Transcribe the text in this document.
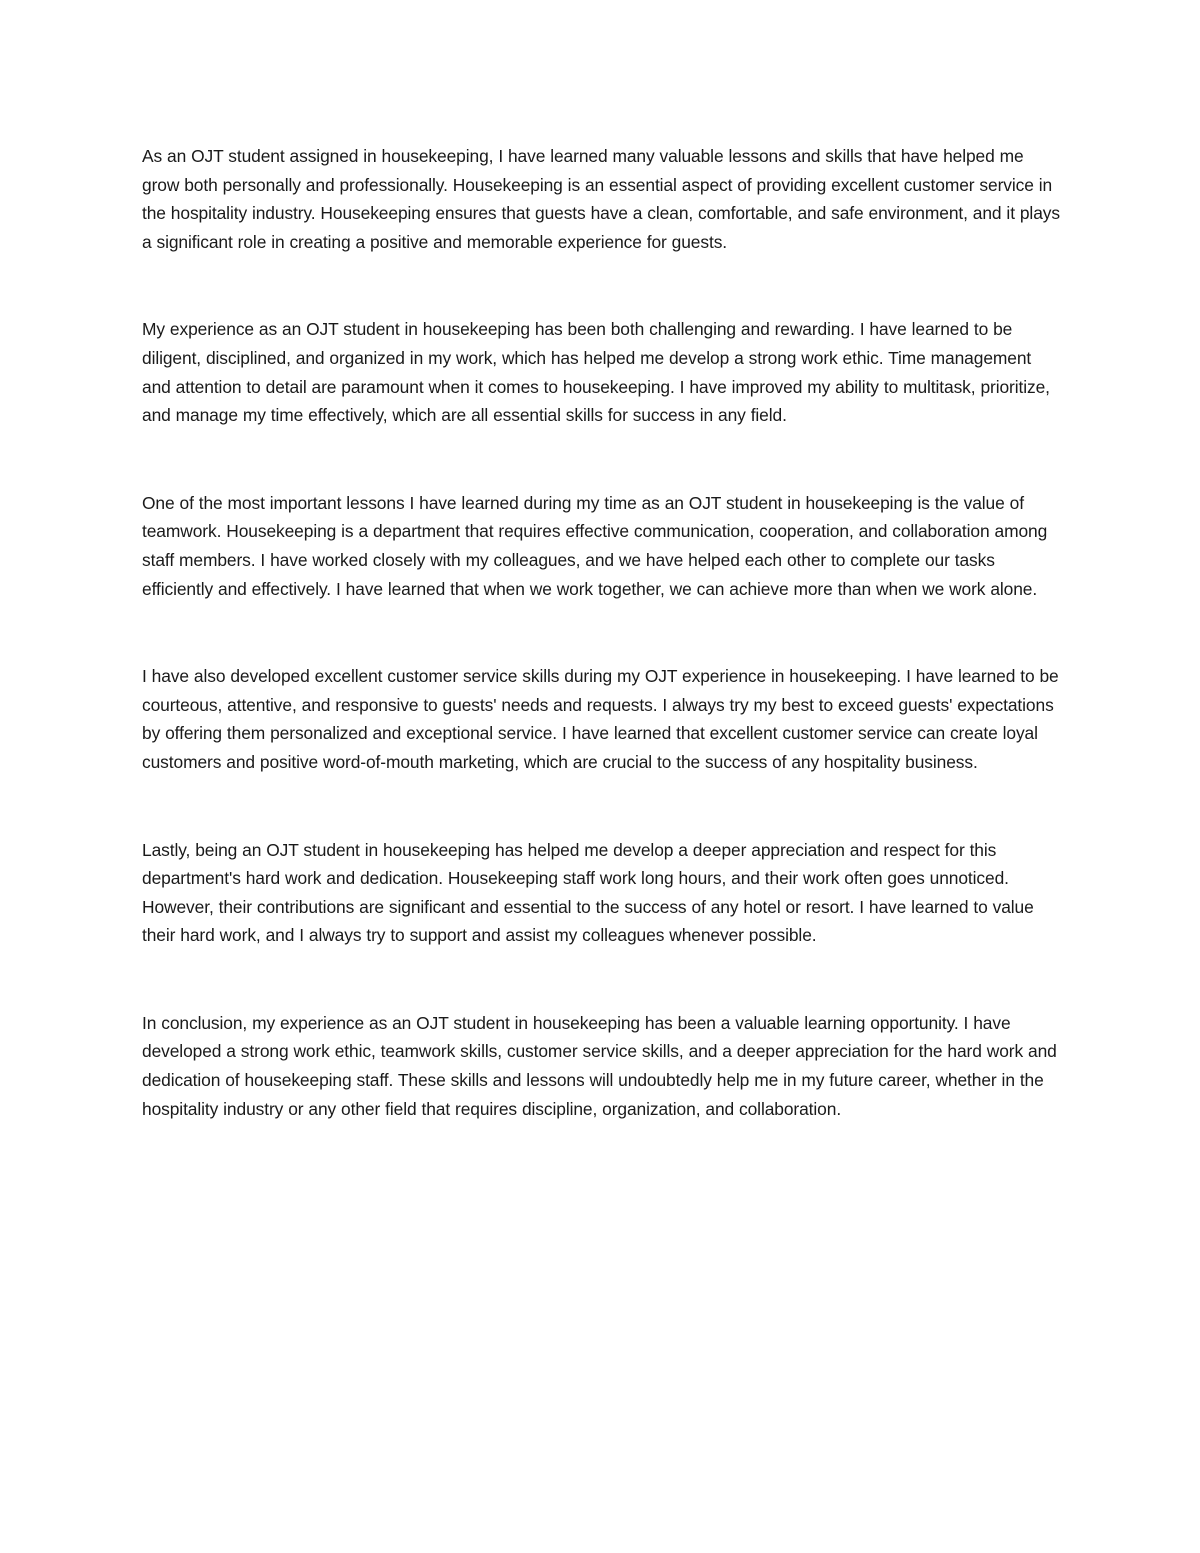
As an OJT student assigned in housekeeping, I have learned many valuable lessons and skills that have helped me grow both personally and professionally. Housekeeping is an essential aspect of providing excellent customer service in the hospitality industry. Housekeeping ensures that guests have a clean, comfortable, and safe environment, and it plays a significant role in creating a positive and memorable experience for guests.

My experience as an OJT student in housekeeping has been both challenging and rewarding. I have learned to be diligent, disciplined, and organized in my work, which has helped me develop a strong work ethic. Time management and attention to detail are paramount when it comes to housekeeping. I have improved my ability to multitask, prioritize, and manage my time effectively, which are all essential skills for success in any field.

One of the most important lessons I have learned during my time as an OJT student in housekeeping is the value of teamwork. Housekeeping is a department that requires effective communication, cooperation, and collaboration among staff members. I have worked closely with my colleagues, and we have helped each other to complete our tasks efficiently and effectively. I have learned that when we work together, we can achieve more than when we work alone.

I have also developed excellent customer service skills during my OJT experience in housekeeping. I have learned to be courteous, attentive, and responsive to guests' needs and requests. I always try my best to exceed guests' expectations by offering them personalized and exceptional service. I have learned that excellent customer service can create loyal customers and positive word-of-mouth marketing, which are crucial to the success of any hospitality business.

Lastly, being an OJT student in housekeeping has helped me develop a deeper appreciation and respect for this department's hard work and dedication. Housekeeping staff work long hours, and their work often goes unnoticed. However, their contributions are significant and essential to the success of any hotel or resort. I have learned to value their hard work, and I always try to support and assist my colleagues whenever possible.

In conclusion, my experience as an OJT student in housekeeping has been a valuable learning opportunity. I have developed a strong work ethic, teamwork skills, customer service skills, and a deeper appreciation for the hard work and dedication of housekeeping staff. These skills and lessons will undoubtedly help me in my future career, whether in the hospitality industry or any other field that requires discipline, organization, and collaboration.
